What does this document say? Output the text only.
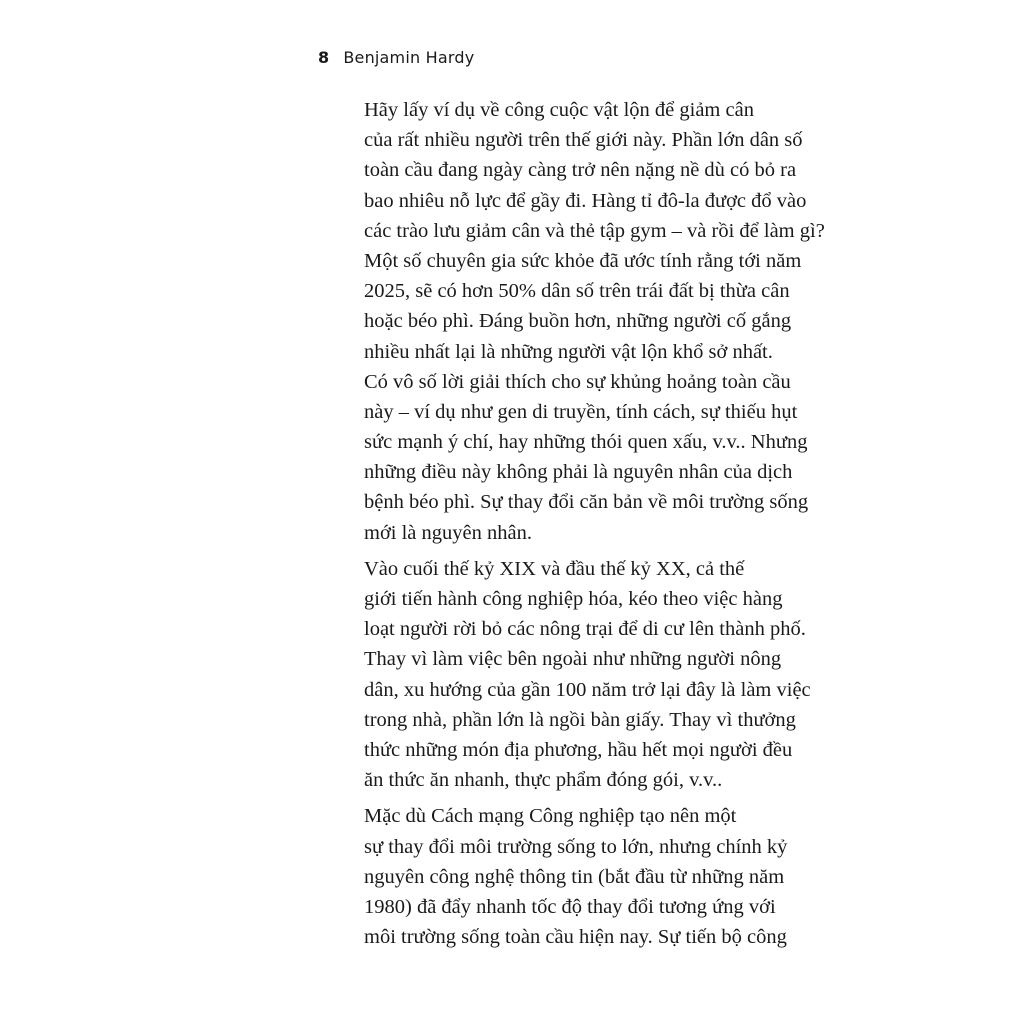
8 Benjamin Hardy

Hãy lấy ví dụ về công cuộc vật lộn để giảm cân
của rất nhiều người trên thế giới này. Phần lớn dân số
toàn cầu đang ngày càng trở nên nặng nề dù có bỏ ra
bao nhiêu nỗ lực để gầy đi. Hàng tỉ đô-la được đổ vào
các trào lưu giảm cân và thẻ tập gym – và rồi để làm gì?
Một số chuyên gia sức khỏe đã ước tính rằng tới năm
2025, sẽ có hơn 50% dân số trên trái đất bị thừa cân
hoặc béo phì. Đáng buồn hơn, những người cố gắng
nhiều nhất lại là những người vật lộn khổ sở nhất.
Có vô số lời giải thích cho sự khủng hoảng toàn cầu
này – ví dụ như gen di truyền, tính cách, sự thiếu hụt
sức mạnh ý chí, hay những thói quen xấu, v.v.. Nhưng
những điều này không phải là nguyên nhân của dịch
bệnh béo phì. Sự thay đổi căn bản về môi trường sống
mới là nguyên nhân.

Vào cuối thế kỷ XIX và đầu thế kỷ XX, cả thế
giới tiến hành công nghiệp hóa, kéo theo việc hàng
loạt người rời bỏ các nông trại để di cư lên thành phố.
Thay vì làm việc bên ngoài như những người nông
dân, xu hướng của gần 100 năm trở lại đây là làm việc
trong nhà, phần lớn là ngồi bàn giấy. Thay vì thưởng
thức những món địa phương, hầu hết mọi người đều
ăn thức ăn nhanh, thực phẩm đóng gói, v.v..

Mặc dù Cách mạng Công nghiệp tạo nên một
sự thay đổi môi trường sống to lớn, nhưng chính kỷ
nguyên công nghệ thông tin (bắt đầu từ những năm
1980) đã đẩy nhanh tốc độ thay đổi tương ứng với
môi trường sống toàn cầu hiện nay. Sự tiến bộ công
